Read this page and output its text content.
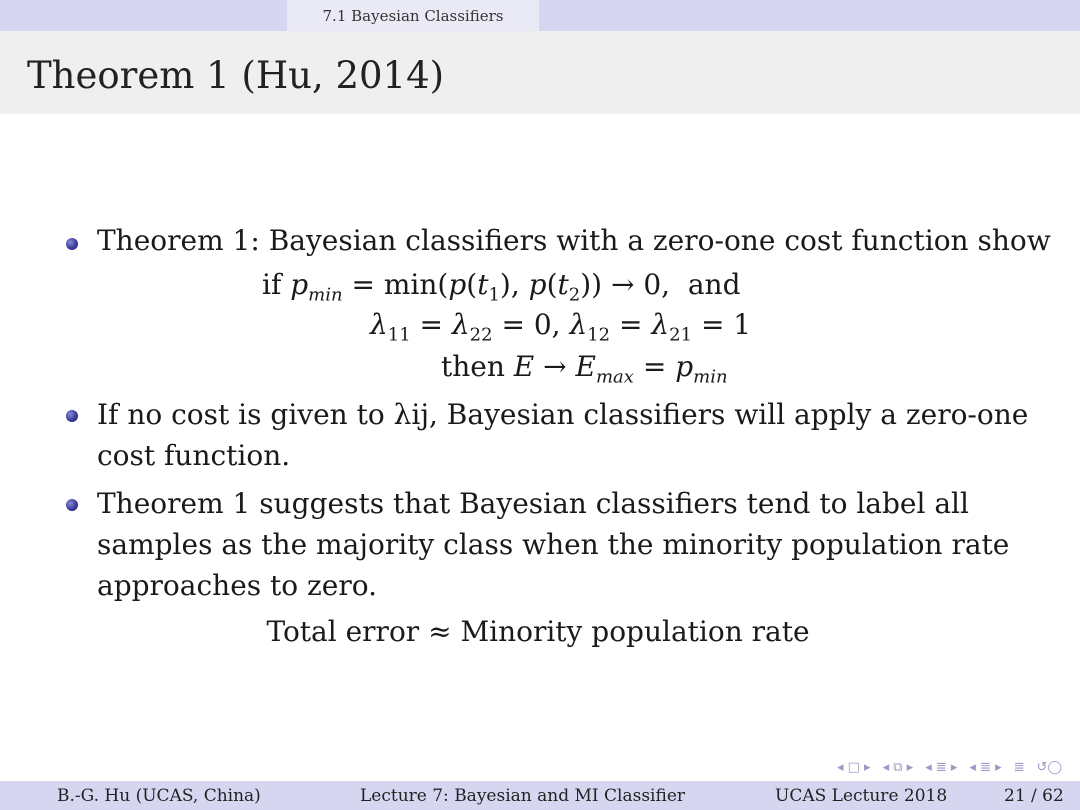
7.1 Bayesian Classifiers
Theorem 1 (Hu, 2014)
Theorem 1: Bayesian classifiers with a zero-one cost function show
if $p_{min} = \min(p(t_1)$, $p(t_2)) \to 0$,  and
$\lambda_{11} = \lambda_{22} = 0$, $\lambda_{12} = \lambda_{21} = 1$
then $E \to E_{max} = p_{min}$
If no cost is given to λij, Bayesian classifiers will apply a zero-one cost function.
Theorem 1 suggests that Bayesian classifiers tend to label all samples as the majority class when the minority population rate approaches to zero.
Total error ≈ Minority population rate
◂ □ ▸ ◂ ⧉ ▸ ◂ ≣ ▸ ◂ ≣ ▸ ≣ ↺◯
B.-G. Hu (UCAS, China)	Lecture 7: Bayesian and MI Classifier	UCAS Lecture 2018	21 / 62
